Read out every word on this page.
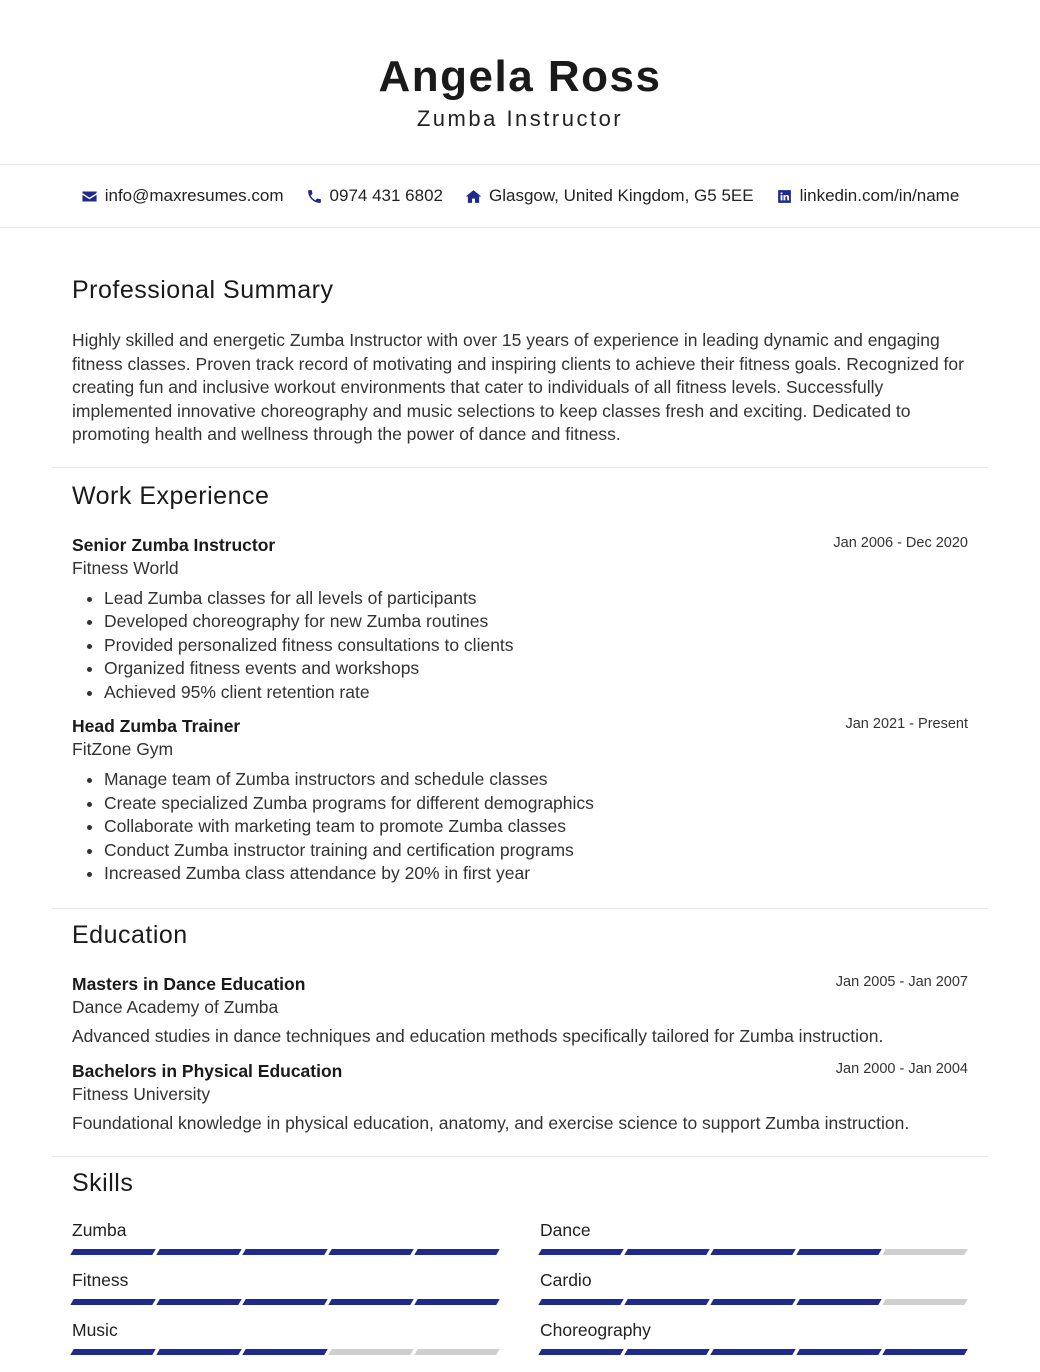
Angela Ross
Zumba Instructor
info@maxresumes.com	0974 431 6802	Glasgow, United Kingdom, G5 5EE	linkedin.com/in/name
Professional Summary

Highly skilled and energetic Zumba Instructor with over 15 years of experience in leading dynamic and engaging fitness classes. Proven track record of motivating and inspiring clients to achieve their fitness goals. Recognized for creating fun and inclusive workout environments that cater to individuals of all fitness levels. Successfully implemented innovative choreography and music selections to keep classes fresh and exciting. Dedicated to promoting health and wellness through the power of dance and fitness.

Work Experience
Senior Zumba Instructor	Jan 2006 - Dec 2020
Fitness World
• Lead Zumba classes for all levels of participants
• Developed choreography for new Zumba routines
• Provided personalized fitness consultations to clients
• Organized fitness events and workshops
• Achieved 95% client retention rate
Head Zumba Trainer	Jan 2021 - Present
FitZone Gym
• Manage team of Zumba instructors and schedule classes
• Create specialized Zumba programs for different demographics
• Collaborate with marketing team to promote Zumba classes
• Conduct Zumba instructor training and certification programs
• Increased Zumba class attendance by 20% in first year
Education
Masters in Dance Education	Jan 2005 - Jan 2007
Dance Academy of Zumba
Advanced studies in dance techniques and education methods specifically tailored for Zumba instruction.
Bachelors in Physical Education	Jan 2000 - Jan 2004
Fitness University
Foundational knowledge in physical education, anatomy, and exercise science to support Zumba instruction.
Skills
Zumba	Dance
Fitness	Cardio
Music	Choreography
